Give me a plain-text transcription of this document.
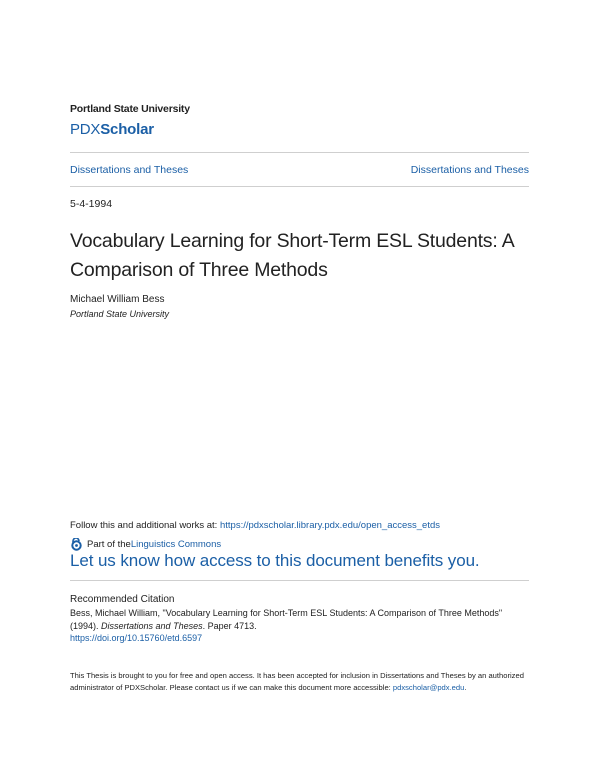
Portland State University
PDXScholar
Dissertations and Theses	Dissertations and Theses
5-4-1994
Vocabulary Learning for Short-Term ESL Students: A Comparison of Three Methods
Michael William Bess
Portland State University
Follow this and additional works at: https://pdxscholar.library.pdx.edu/open_access_etds
Part of the Linguistics Commons
Let us know how access to this document benefits you.
Recommended Citation
Bess, Michael William, "Vocabulary Learning for Short-Term ESL Students: A Comparison of Three Methods" (1994). Dissertations and Theses. Paper 4713.
https://doi.org/10.15760/etd.6597
This Thesis is brought to you for free and open access. It has been accepted for inclusion in Dissertations and Theses by an authorized administrator of PDXScholar. Please contact us if we can make this document more accessible: pdxscholar@pdx.edu.
